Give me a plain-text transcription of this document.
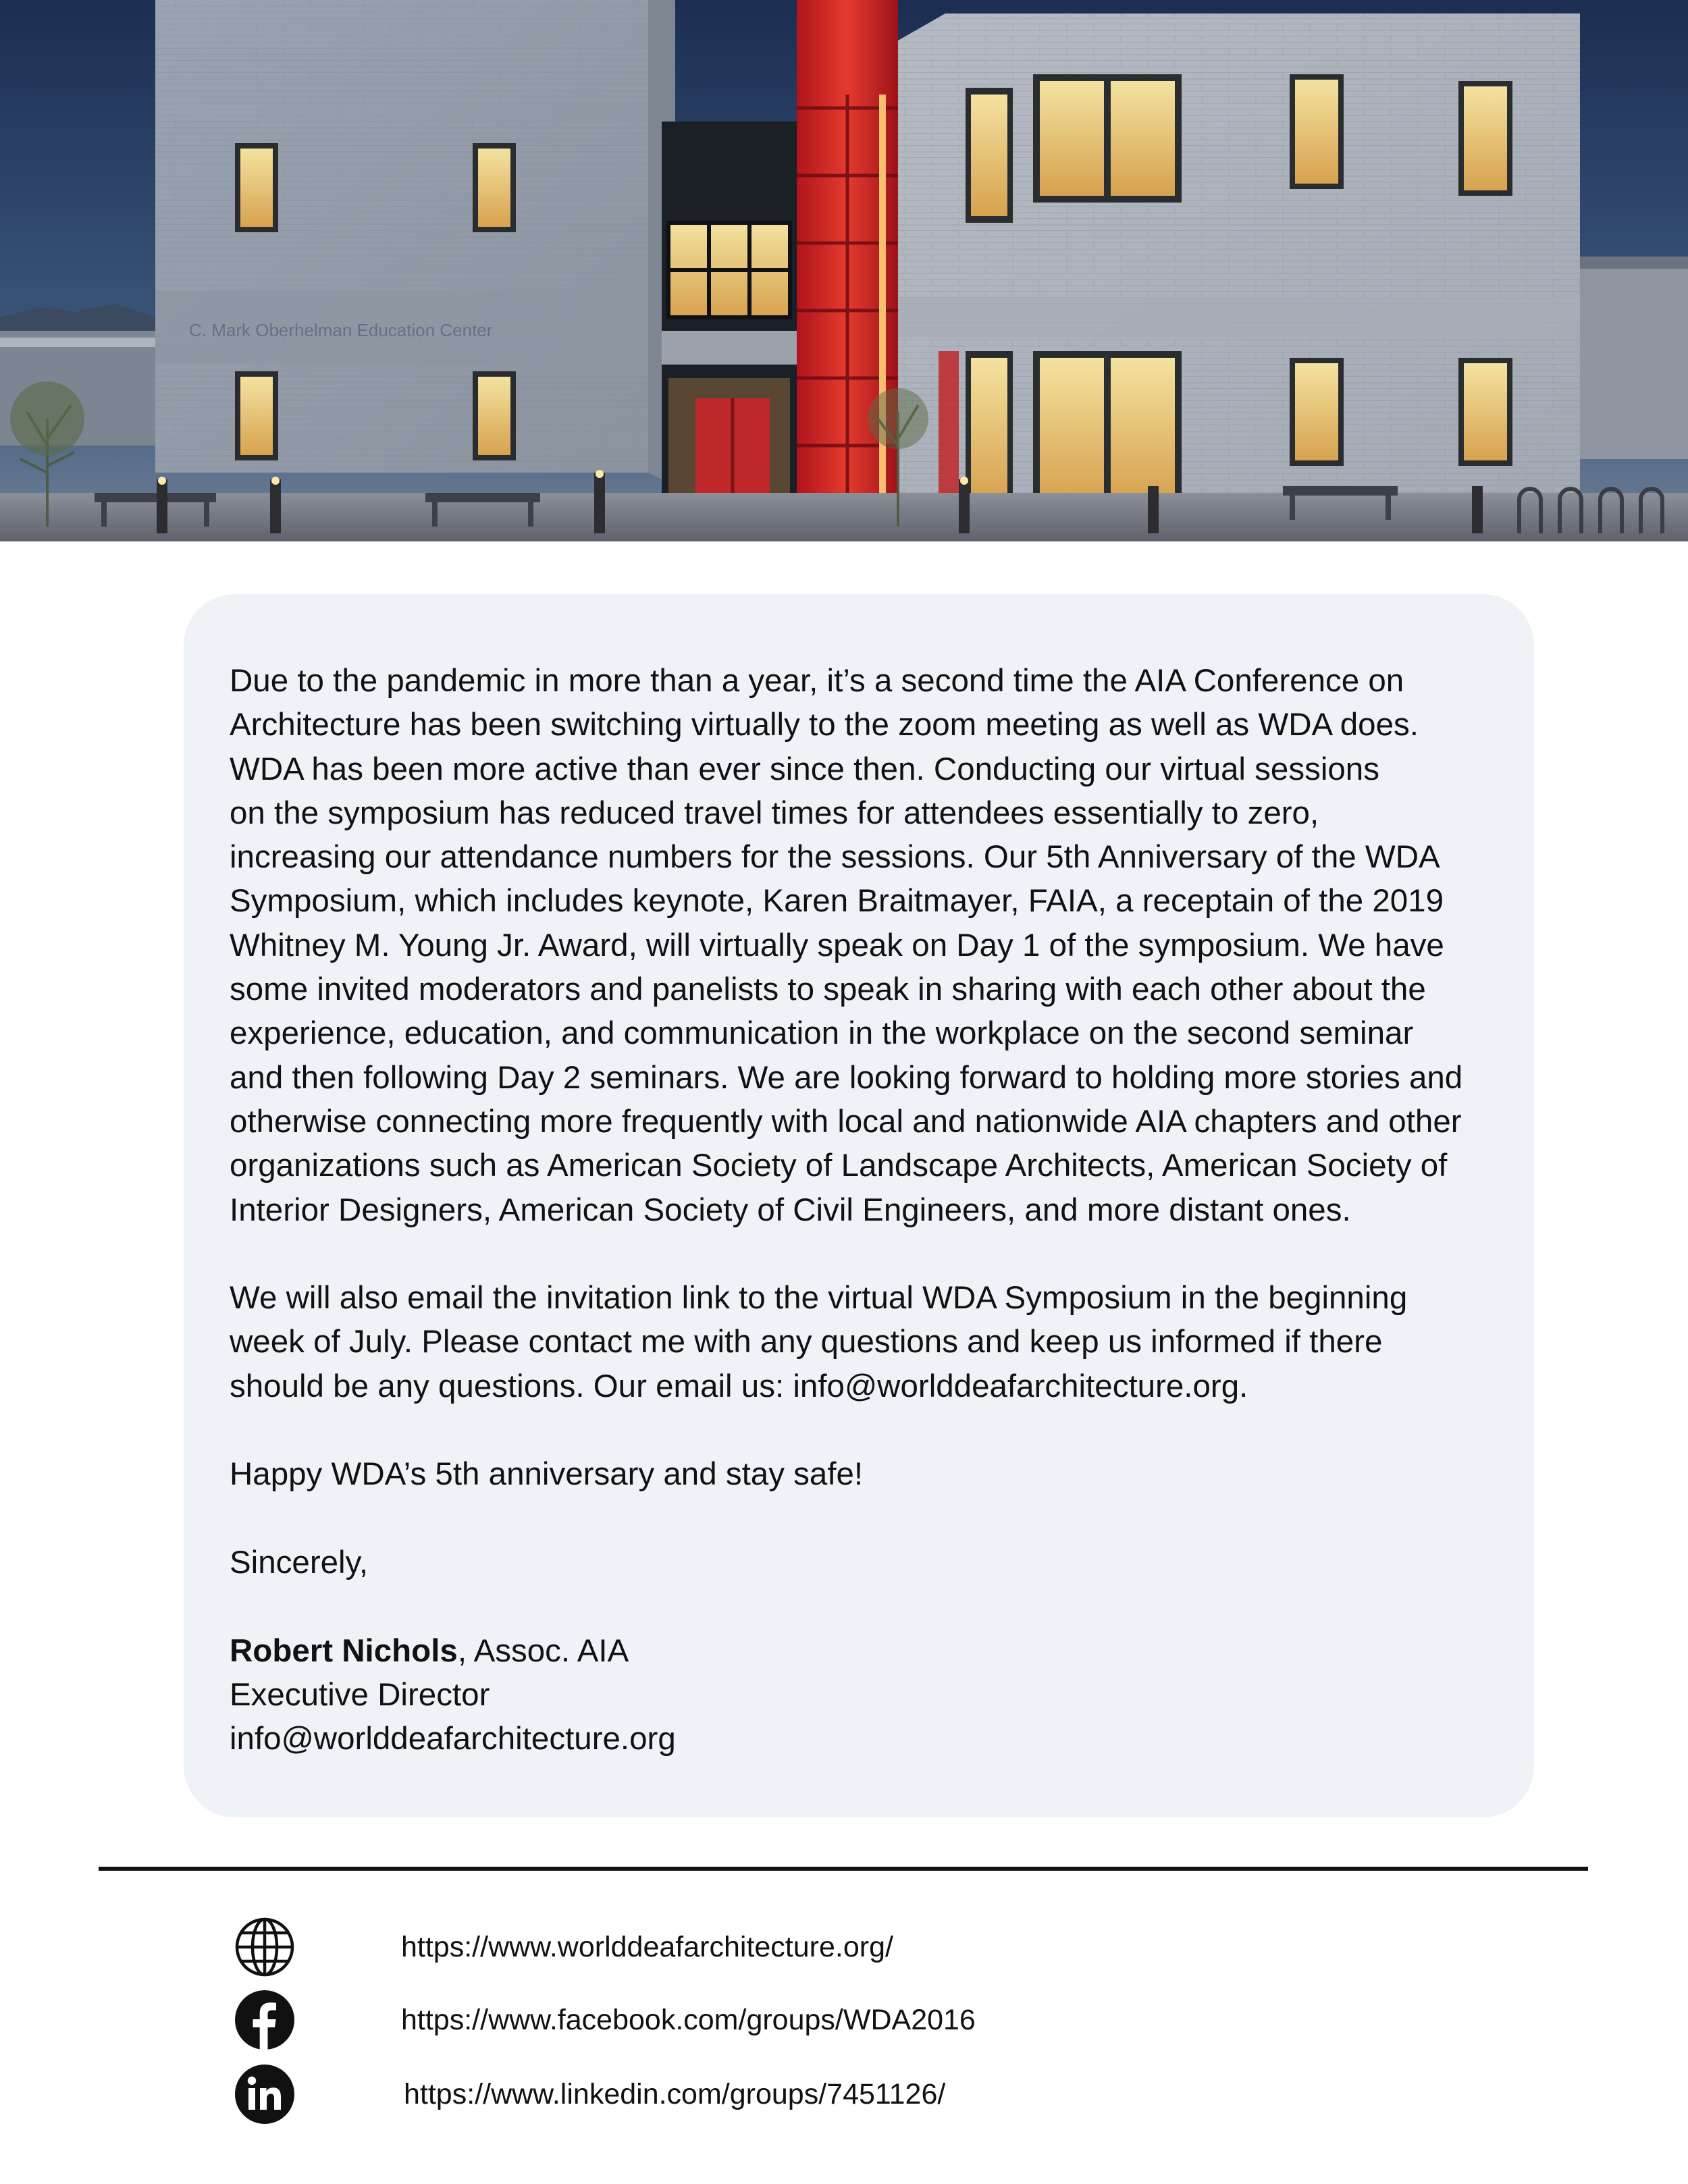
C. Mark Oberhelman Education Center

Due to the pandemic in more than a year, it’s a second time the AIA Conference on
Architecture has been switching virtually to the zoom meeting as well as WDA does.
WDA has been more active than ever since then. Conducting our virtual sessions
on the symposium has reduced travel times for attendees essentially to zero,
increasing our attendance numbers for the sessions. Our 5th Anniversary of the WDA
Symposium, which includes keynote, Karen Braitmayer, FAIA, a receptain of the 2019
Whitney M. Young Jr. Award, will virtually speak on Day 1 of the symposium. We have
some invited moderators and panelists to speak in sharing with each other about the
experience, education, and communication in the workplace on the second seminar
and then following Day 2 seminars. We are looking forward to holding more stories and
otherwise connecting more frequently with local and nationwide AIA chapters and other
organizations such as American Society of Landscape Architects, American Society of
Interior Designers, American Society of Civil Engineers, and more distant ones.

We will also email the invitation link to the virtual WDA Symposium in the beginning
week of July. Please contact me with any questions and keep us informed if there
should be any questions. Our email us: info@worlddeafarchitecture.org.

Happy WDA’s 5th anniversary and stay safe!

Sincerely,

Robert Nichols, Assoc. AIA
Executive Director
info@worlddeafarchitecture.org

https://www.worlddeafarchitecture.org/
https://www.facebook.com/groups/WDA2016
https://www.linkedin.com/groups/7451126/
